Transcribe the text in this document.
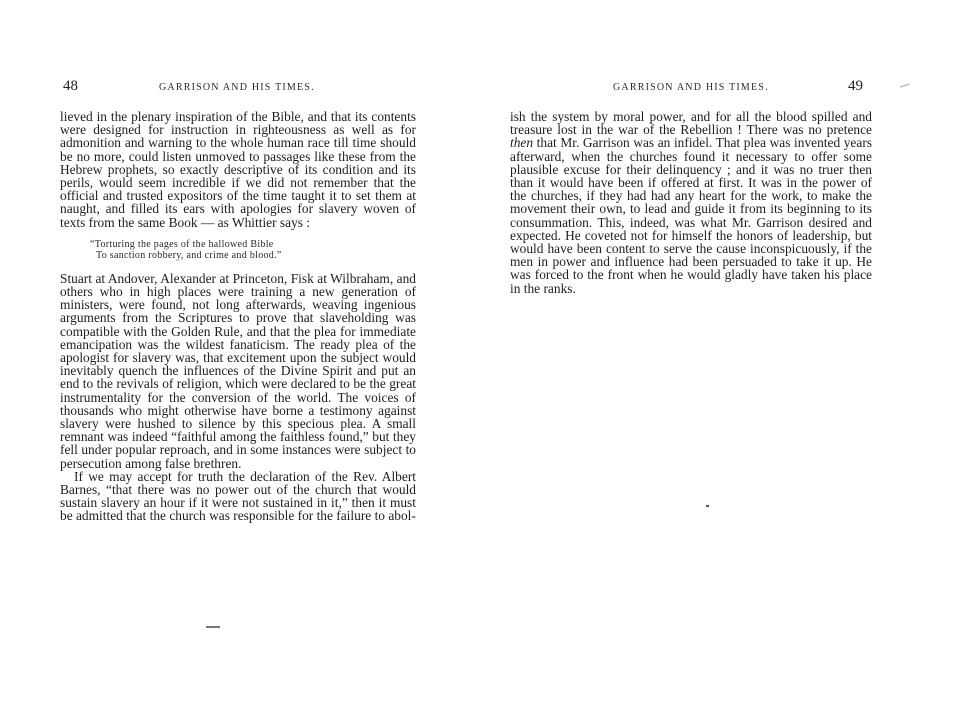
48	GARRISON AND HIS TIMES.

lieved in the plenary inspiration of the Bible, and that its contents were designed for instruction in righteousness as well as for admonition and warning to the whole human race till time should be no more, could listen unmoved to passages like these from the Hebrew prophets, so exactly descriptive of its condition and its perils, would seem incredible if we did not remember that the official and trusted expositors of the time taught it to set them at naught, and filled its ears with apologies for slavery woven of texts from the same Book — as Whittier says :

“Torturing the pages of the hallowed Bible
To sanction robbery, and crime and blood.”

Stuart at Andover, Alexander at Princeton, Fisk at Wilbraham, and others who in high places were training a new generation of ministers, were found, not long afterwards, weaving ingenious arguments from the Scriptures to prove that slaveholding was compatible with the Golden Rule, and that the plea for immediate emancipation was the wildest fanaticism. The ready plea of the apologist for slavery was, that excitement upon the subject would inevitably quench the influences of the Divine Spirit and put an end to the revivals of religion, which were declared to be the great instrumentality for the conversion of the world. The voices of thousands who might otherwise have borne a testimony against slavery were hushed to silence by this specious plea. A small remnant was indeed “faithful among the faithless found,” but they fell under popular reproach, and in some instances were subject to persecution among false brethren.

If we may accept for truth the declaration of the Rev. Albert Barnes, “that there was no power out of the church that would sustain slavery an hour if it were not sustained in it,” then it must be admitted that the church was responsible for the failure to abol-

GARRISON AND HIS TIMES.	49

ish the system by moral power, and for all the blood spilled and treasure lost in the war of the Rebellion ! There was no pretence then that Mr. Garrison was an infidel. That plea was invented years afterward, when the churches found it necessary to offer some plausible excuse for their delinquency ; and it was no truer then than it would have been if offered at first. It was in the power of the churches, if they had had any heart for the work, to make the movement their own, to lead and guide it from its beginning to its consummation. This, indeed, was what Mr. Garrison desired and expected. He coveted not for himself the honors of leadership, but would have been content to serve the cause inconspicuously, if the men in power and influence had been persuaded to take it up. He was forced to the front when he would gladly have taken his place in the ranks.
